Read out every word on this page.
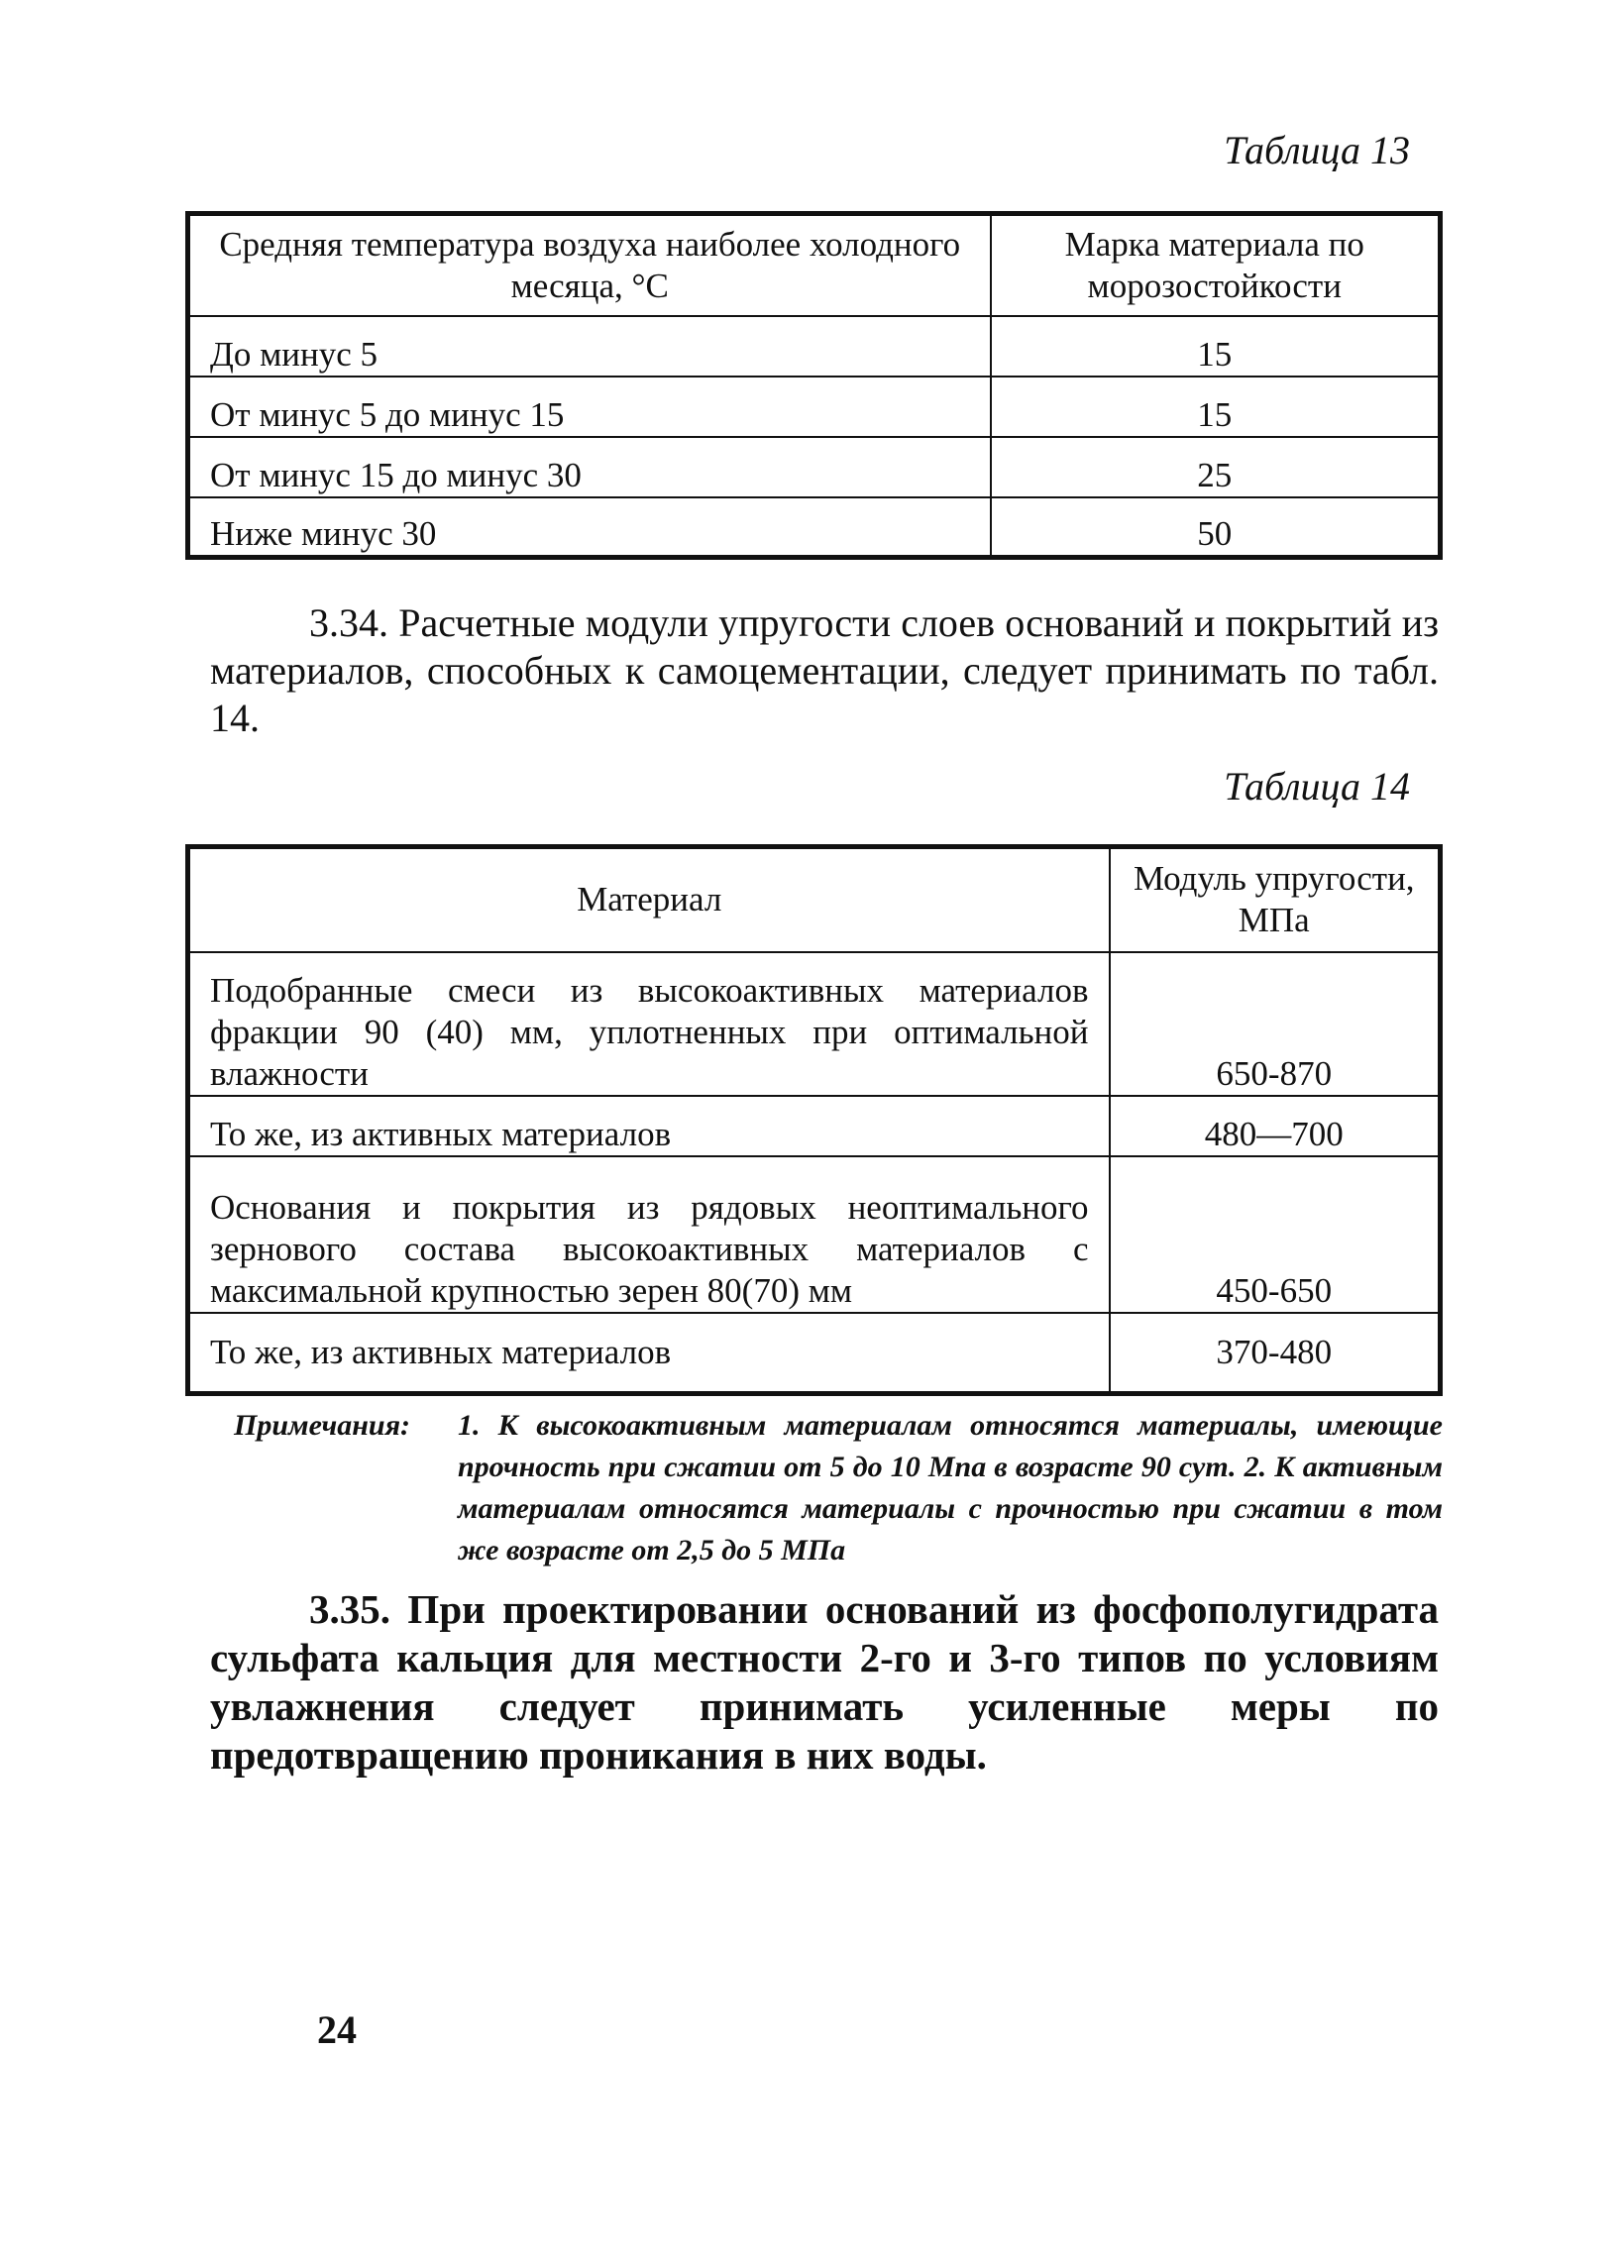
Таблица 13
Средняя температура воздуха наиболее холодного месяца, °С	Марка материала по морозостойкости
До минус 5	15
От минус 5 до минус 15	15
От минус 15 до минус 30	25
Ниже минус 30	50

3.34. Расчетные модули упругости слоев оснований и покрытий из материалов, способных к самоцементации, следует принимать по табл. 14.

Таблица 14
Материал	Модуль упругости, МПа
Подобранные смеси из высокоактивных материалов фракции 90 (40) мм, уплотненных при оптимальной влажности	650-870
То же, из активных материалов	480—700
Основания и покрытия из рядовых неоптимального зернового состава высокоактивных материалов с максимальной крупностью зерен 80(70) мм	450-650
То же, из активных материалов	370-480
Примечания:	1. К высокоактивным материалам относятся материалы, имеющие прочность при сжатии от 5 до 10 Мпа в возрасте 90 сут. 2. К активным материалам относятся материалы с прочностью при сжатии в том же возрасте от 2,5 до 5 МПа

3.35. При проектировании оснований из фосфополугидрата сульфата кальция для местности 2-го и 3-го типов по условиям увлажнения следует принимать усиленные меры по предотвращению проникания в них воды.

24
